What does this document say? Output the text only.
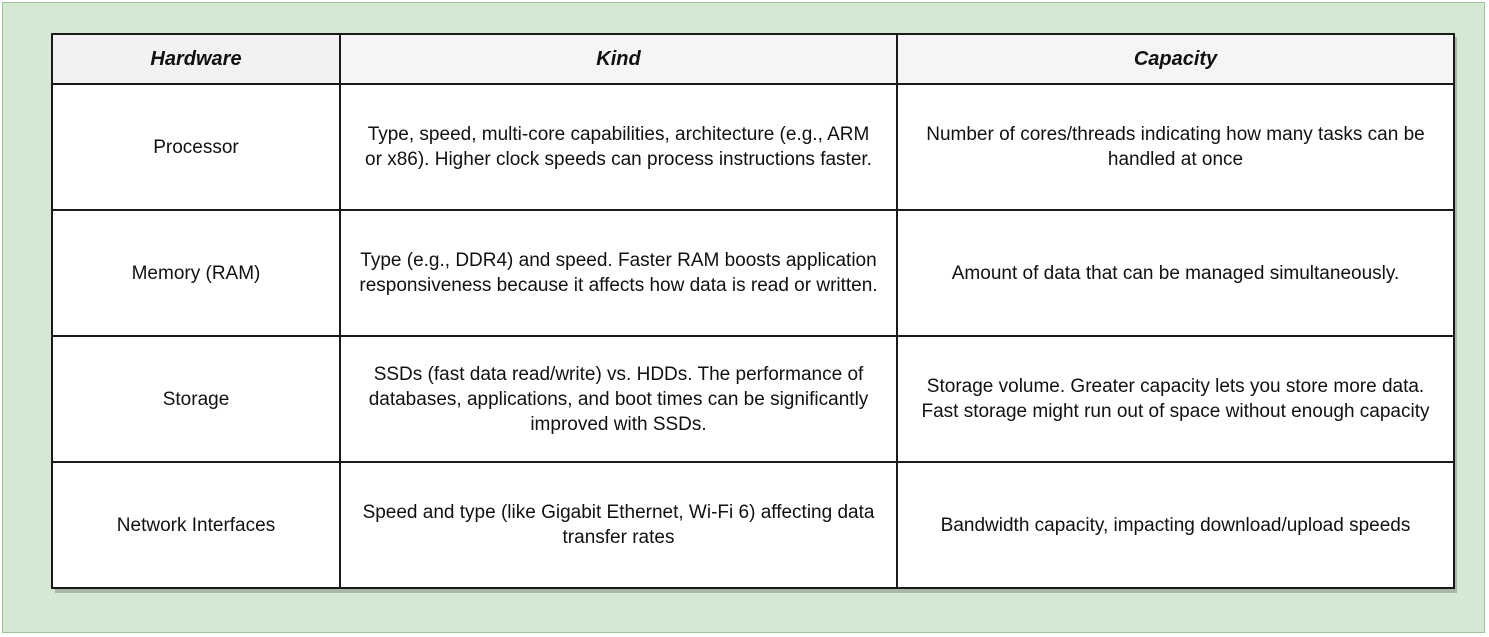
Hardware	Kind	Capacity
Processor	Type, speed, multi-core capabilities, architecture (e.g., ARM or x86). Higher clock speeds can process instructions faster.	Number of cores/threads indicating how many tasks can be handled at once
Memory (RAM)	Type (e.g., DDR4) and speed. Faster RAM boosts application responsiveness because it affects how data is read or written.	Amount of data that can be managed simultaneously.
Storage	SSDs (fast data read/write) vs. HDDs. The performance of databases, applications, and boot times can be significantly improved with SSDs.	Storage volume. Greater capacity lets you store more data. Fast storage might run out of space without enough capacity
Network Interfaces	Speed and type (like Gigabit Ethernet, Wi-Fi 6) affecting data transfer rates	Bandwidth capacity, impacting download/upload speeds
